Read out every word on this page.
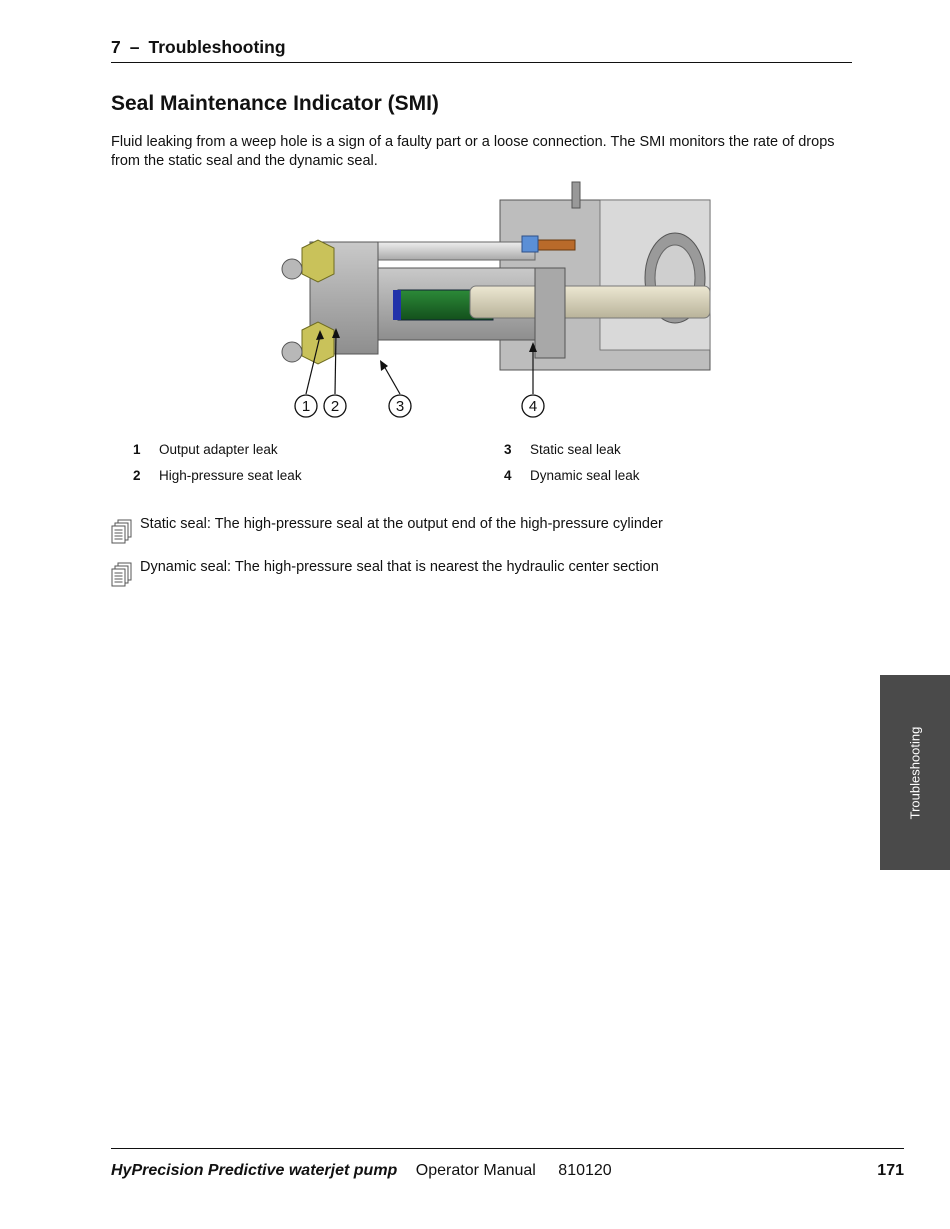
7 – Troubleshooting
Seal Maintenance Indicator (SMI)

Fluid leaking from a weep hole is a sign of a faulty part or a loose connection. The SMI monitors the rate of drops from the static seal and the dynamic seal.

1 2	3	4
1	Output adapter leak
2	High-pressure seat leak
3	Static seal leak
4	Dynamic seal leak
Static seal: The high-pressure seal at the output end of the high-pressure cylinder
Dynamic seal: The high-pressure seal that is nearest the hydraulic center section
Troubleshooting
HyPrecision Predictive waterjet pump Operator Manual 810120	171
